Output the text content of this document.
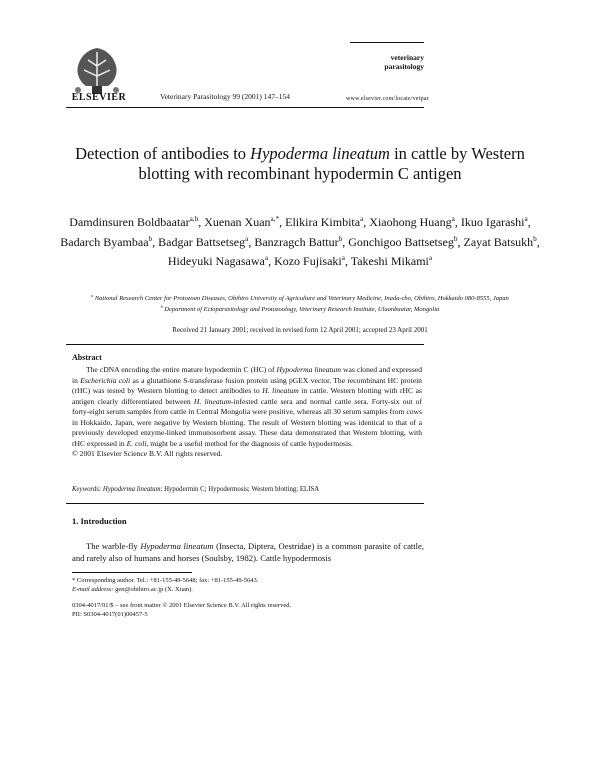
ELSEVIER	Veterinary Parasitology 99 (2001) 147–154
veterinary parasitology
www.elsevier.com/locate/vetpar
Detection of antibodies to Hypoderma lineatum in cattle by Western blotting with recombinant hypodermin C antigen
Damdinsuren Boldbaatar$^{a,b}$, Xuenan Xuan$^{a,*}$, Elikira Kimbita$^a$, Xiaohong Huang$^a$, Ikuo Igarashi$^a$, Badarch Byambaa$^b$, Badgar Battsetseg$^a$, Banzragch Battur$^b$, Gonchigoo Battsetseg$^b$, Zayat Batsukh$^b$, Hideyuki Nagasawa$^a$, Kozo Fujisaki$^a$, Takeshi Mikami$^a$
$^a$ National Research Center for Protozoan Diseases, Obihiro University of Agriculture and Veterinary Medicine, Inada-cho, Obihiro, Hokkaido 080-8555, Japan
$^b$ Department of Ectoparasitology and Protozoology, Veterinary Research Institute, Ulaanbaatar, Mongolia
Received 21 January 2001; received in revised form 12 April 2001; accepted 23 April 2001
Abstract
The cDNA encoding the entire mature hypodermin C (HC) of Hypoderma lineatum was cloned and expressed in Escherichia coli as a glutathione S-transferase fusion protein using pGEX vector. The recombinant HC protein (rHC) was tested by Western blotting to detect antibodies to H. lineatum in cattle. Western blotting with rHC as antigen clearly differentiated between H. lineatum-infested cattle sera and normal cattle sera. Forty-six out of forty-eight serum samples from cattle in Central Mongolia were positive, whereas all 30 serum samples from cows in Hokkaido, Japan, were negative by Western blotting. The result of Western blotting was identical to that of a previously developed enzyme-linked immunosorbent assay. These data demonstrated that Western blotting, with rHC expressed in E. coli, might be a useful method for the diagnosis of cattle hypodermosis.
© 2001 Elsevier Science B.V. All rights reserved.
Keywords: Hypoderma lineatum; Hypodermin C; Hypodermosis; Western blotting; ELISA
1. Introduction
The warble-fly Hypoderma lineatum (Insecta, Diptera, Oestridae) is a common parasite of cattle, and rarely also of humans and horses (Soulsby, 1982). Cattle hypodermosis
* Corresponding author. Tel.: +81-155-49-5648; fax: +81-155-49-5643.
E-mail address: gen@obihiro.ac.jp (X. Xuan).
0304-4017/01/$ – see front matter © 2001 Elsevier Science B.V. All rights reserved.
PII: S0304-4017(01)00457-5
